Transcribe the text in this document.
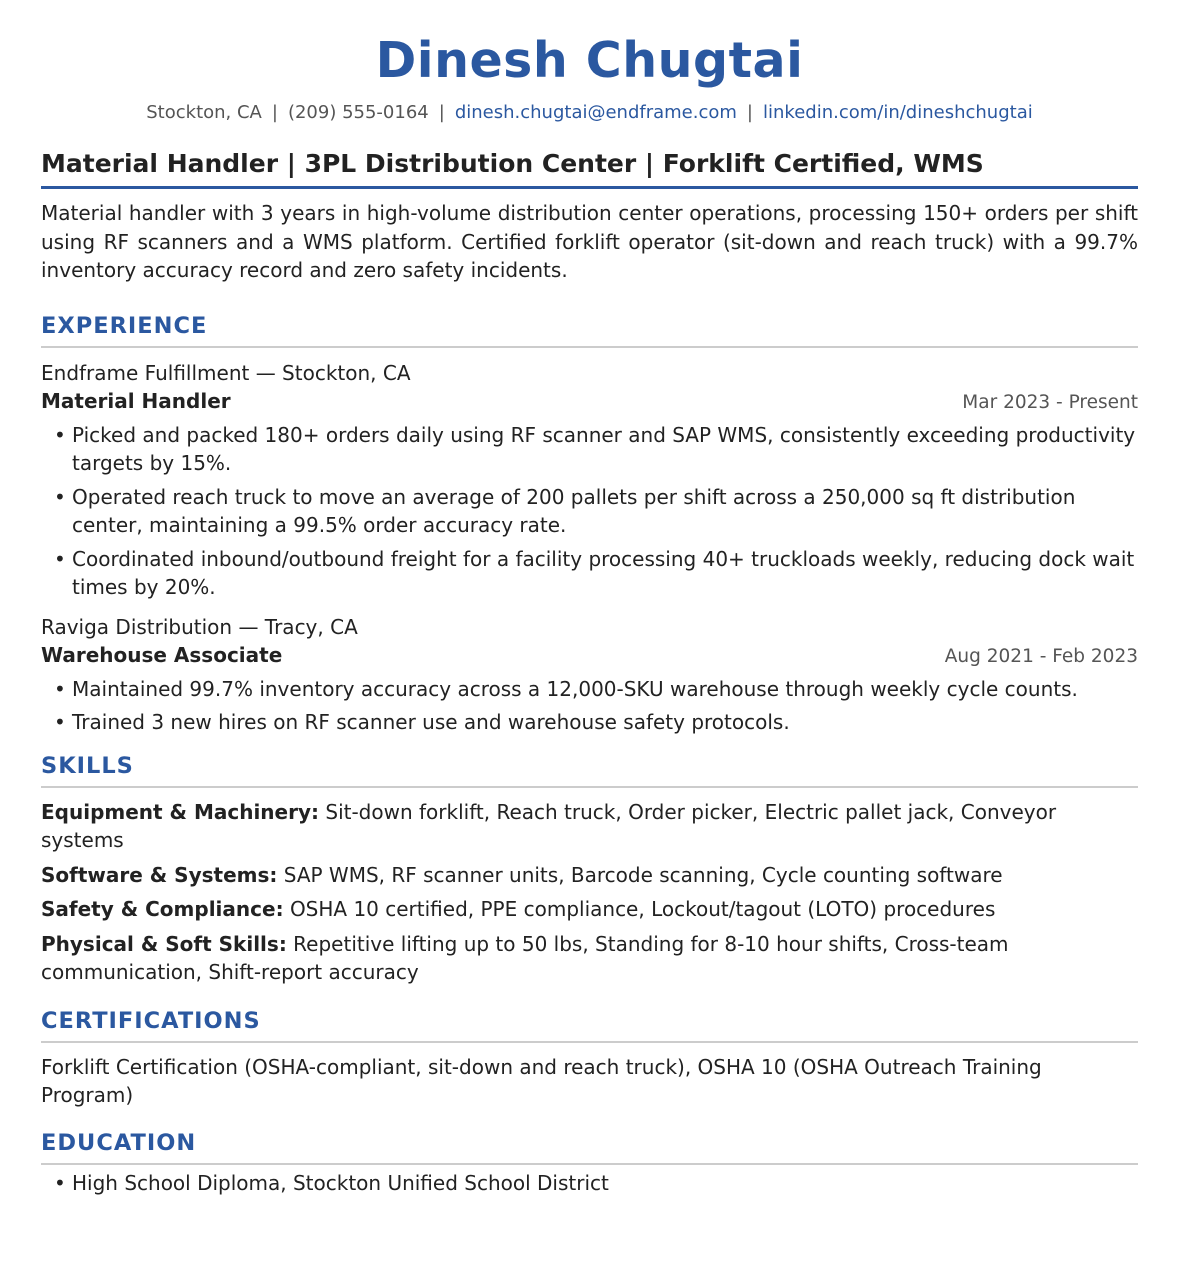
Dinesh Chugtai
Stockton, CA | (209) 555-0164 | dinesh.chugtai@endframe.com | linkedin.com/in/dineshchugtai
Material Handler | 3PL Distribution Center | Forklift Certified, WMS
Material handler with 3 years in high-volume distribution center operations, processing 150+ orders per shift using RF scanners and a WMS platform. Certified forklift operator (sit-down and reach truck) with a 99.7% inventory accuracy record and zero safety incidents.
EXPERIENCE
Endframe Fulfillment — Stockton, CA
Material Handler	Mar 2023 - Present
• Picked and packed 180+ orders daily using RF scanner and SAP WMS, consistently exceeding productivity targets by 15%.
• Operated reach truck to move an average of 200 pallets per shift across a 250,000 sq ft distribution center, maintaining a 99.5% order accuracy rate.
• Coordinated inbound/outbound freight for a facility processing 40+ truckloads weekly, reducing dock wait times by 20%.
Raviga Distribution — Tracy, CA
Warehouse Associate	Aug 2021 - Feb 2023
• Maintained 99.7% inventory accuracy across a 12,000-SKU warehouse through weekly cycle counts.
• Trained 3 new hires on RF scanner use and warehouse safety protocols.
SKILLS
Equipment & Machinery: Sit-down forklift, Reach truck, Order picker, Electric pallet jack, Conveyor systems
Software & Systems: SAP WMS, RF scanner units, Barcode scanning, Cycle counting software
Safety & Compliance: OSHA 10 certified, PPE compliance, Lockout/tagout (LOTO) procedures
Physical & Soft Skills: Repetitive lifting up to 50 lbs, Standing for 8-10 hour shifts, Cross-team communication, Shift-report accuracy
CERTIFICATIONS
Forklift Certification (OSHA-compliant, sit-down and reach truck), OSHA 10 (OSHA Outreach Training Program)
EDUCATION
• High School Diploma, Stockton Unified School District
